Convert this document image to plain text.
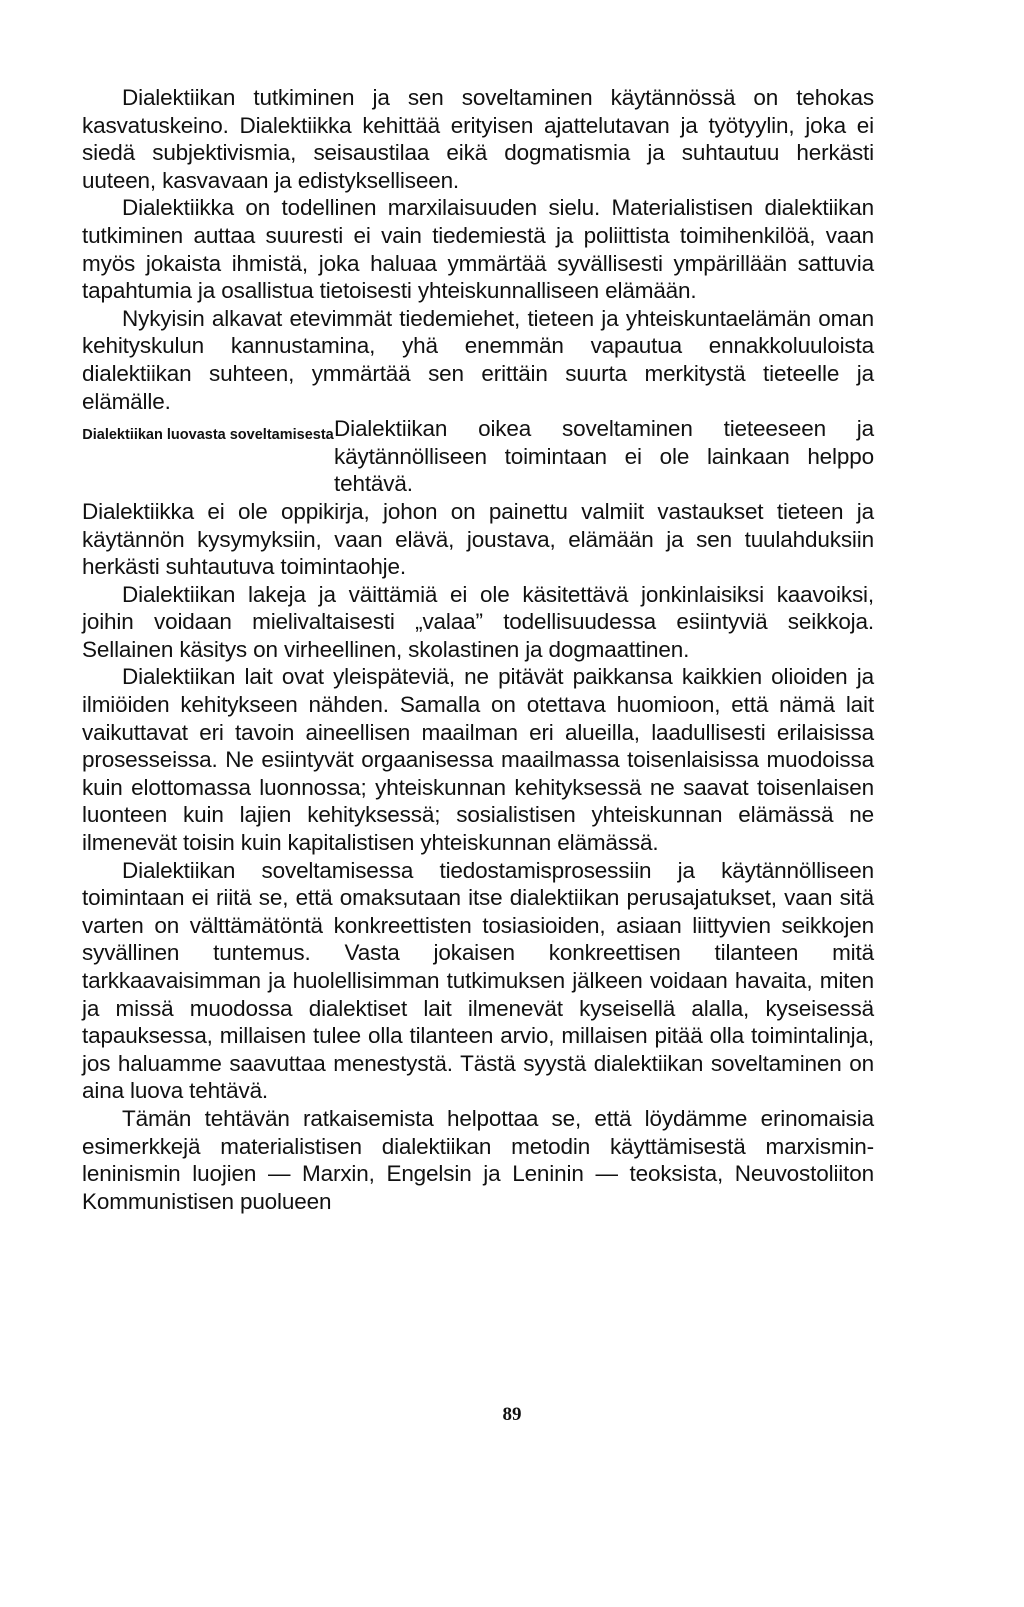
Dialektiikan tutkiminen ja sen soveltaminen käytännössä on tehokas kasvatuskeino. Dialektiikka kehittää erityisen ajattelutavan ja työtyylin, joka ei siedä subjektivismia, seisaustilaa eikä dogmatismia ja suhtautuu herkästi uuteen, kasvavaan ja edistykselliseen.

Dialektiikka on todellinen marxilaisuuden sielu. Materialistisen dialektiikan tutkiminen auttaa suuresti ei vain tiedemiestä ja poliittista toimihenkilöä, vaan myös jokaista ihmistä, joka haluaa ymmärtää syvällisesti ympärillään sattuvia tapahtumia ja osallistua tietoisesti yhteiskunnalliseen elämään.

Nykyisin alkavat etevimmät tiedemiehet, tieteen ja yhteiskuntaelämän oman kehityskulun kannustamina, yhä enemmän vapautua ennakkoluuloista dialektiikan suhteen, ymmärtää sen erittäin suurta merkitystä tieteelle ja elämälle.

Dialektiikan luovasta soveltamisesta Dialektiikan oikea soveltaminen tieteeseen ja käytännölliseen toimintaan ei ole lainkaan helppo tehtävä.

Dialektiikka ei ole oppikirja, johon on painettu valmiit vastaukset tieteen ja käytännön kysymyksiin, vaan elävä, joustava, elämään ja sen tuulahduksiin herkästi suhtautuva toimintaohje.

Dialektiikan lakeja ja väittämiä ei ole käsitettävä jonkinlaisiksi kaavoiksi, joihin voidaan mielivaltaisesti „valaa” todellisuudessa esiintyviä seikkoja. Sellainen käsitys on virheellinen, skolastinen ja dogmaattinen.

Dialektiikan lait ovat yleispäteviä, ne pitävät paikkansa kaikkien olioiden ja ilmiöiden kehitykseen nähden. Samalla on otettava huomioon, että nämä lait vaikuttavat eri tavoin aineellisen maailman eri alueilla, laadullisesti erilaisissa prosesseissa. Ne esiintyvät orgaanisessa maailmassa toisenlaisissa muodoissa kuin elottomassa luonnossa; yhteiskunnan kehityksessä ne saavat toisenlaisen luonteen kuin lajien kehityksessä; sosialistisen yhteiskunnan elämässä ne ilmenevät toisin kuin kapitalistisen yhteiskunnan elämässä.

Dialektiikan soveltamisessa tiedostamisprosessiin ja käytännölliseen toimintaan ei riitä se, että omaksutaan itse dialektiikan perusajatukset, vaan sitä varten on välttämätöntä konkreettisten tosiasioiden, asiaan liittyvien seikkojen syvällinen tuntemus. Vasta jokaisen konkreettisen tilanteen mitä tarkkaavaisimman ja huolellisimman tutkimuksen jälkeen voidaan havaita, miten ja missä muodossa dialektiset lait ilmenevät kyseisellä alalla, kyseisessä tapauksessa, millaisen tulee olla tilanteen arvio, millaisen pitää olla toimintalinja, jos haluamme saavuttaa menestystä. Tästä syystä dialektiikan soveltaminen on aina luova tehtävä.

Tämän tehtävän ratkaisemista helpottaa se, että löydämme erinomaisia esimerkkejä materialistisen dialektiikan metodin käyttämisestä marxismin-leninismin luojien — Marxin, Engelsin ja Leninin — teoksista, Neuvostoliiton Kommunistisen puolueen

89
